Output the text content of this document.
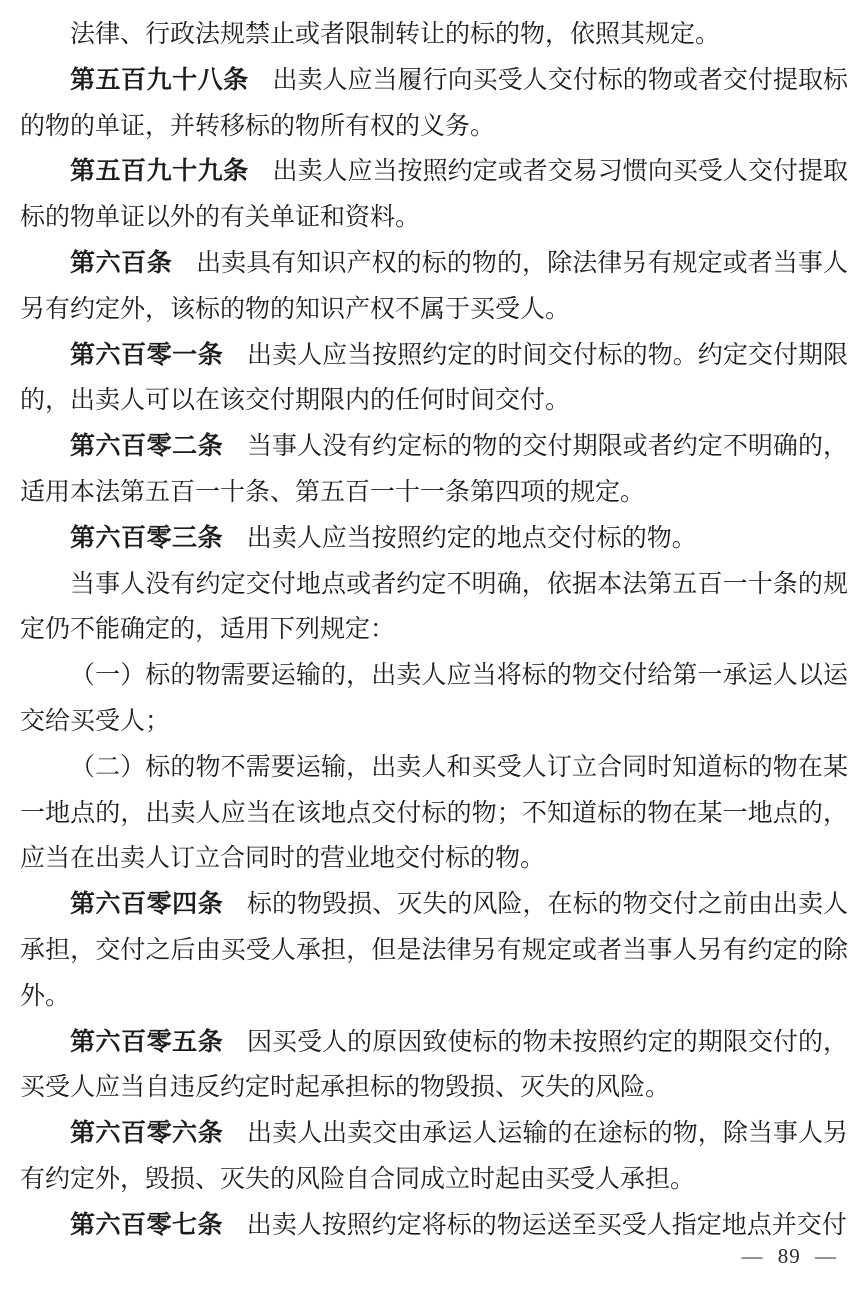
法律、行政法规禁止或者限制转让的标的物，依照其规定。

第五百九十八条 出卖人应当履行向买受人交付标的物或者交付提取标的物的单证，并转移标的物所有权的义务。

第五百九十九条 出卖人应当按照约定或者交易习惯向买受人交付提取标的物单证以外的有关单证和资料。

第六百条 出卖具有知识产权的标的物的，除法律另有规定或者当事人另有约定外，该标的物的知识产权不属于买受人。

第六百零一条 出卖人应当按照约定的时间交付标的物。约定交付期限的，出卖人可以在该交付期限内的任何时间交付。

第六百零二条 当事人没有约定标的物的交付期限或者约定不明确的，适用本法第五百一十条、第五百一十一条第四项的规定。

第六百零三条 出卖人应当按照约定的地点交付标的物。

当事人没有约定交付地点或者约定不明确，依据本法第五百一十条的规定仍不能确定的，适用下列规定：

（一）标的物需要运输的，出卖人应当将标的物交付给第一承运人以运交给买受人；

（二）标的物不需要运输，出卖人和买受人订立合同时知道标的物在某一地点的，出卖人应当在该地点交付标的物；不知道标的物在某一地点的，应当在出卖人订立合同时的营业地交付标的物。

第六百零四条 标的物毁损、灭失的风险，在标的物交付之前由出卖人承担，交付之后由买受人承担，但是法律另有规定或者当事人另有约定的除外。

第六百零五条 因买受人的原因致使标的物未按照约定的期限交付的，买受人应当自违反约定时起承担标的物毁损、灭失的风险。

第六百零六条 出卖人出卖交由承运人运输的在途标的物，除当事人另有约定外，毁损、灭失的风险自合同成立时起由买受人承担。

第六百零七条 出卖人按照约定将标的物运送至买受人指定地点并交付

— 89 —
